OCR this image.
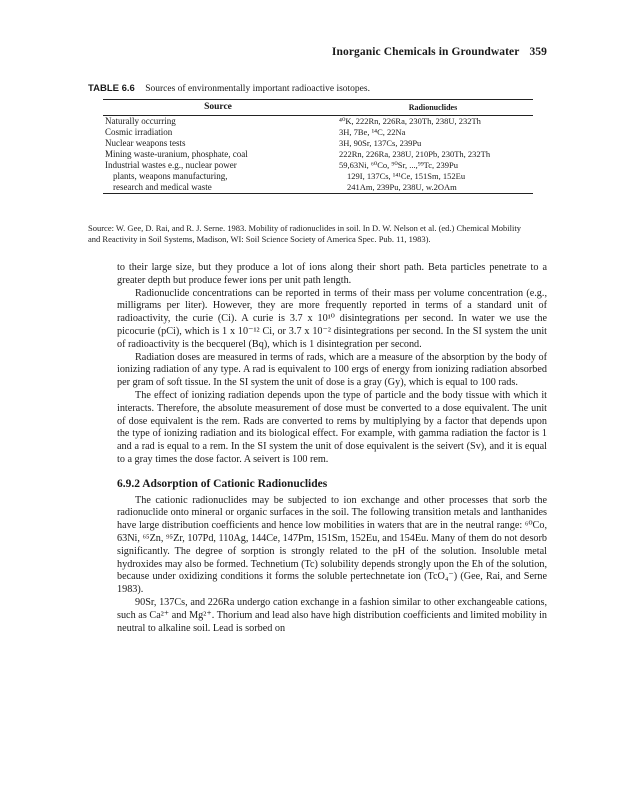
Inorganic Chemicals in Groundwater 359
TABLE 6.6 Sources of environmentally important radioactive isotopes.
Source	Radionuclides
Naturally occurring	⁴⁰K, 222Rn, 226Ra, 230Th, 238U, 232Th
Cosmic irradiation	3H, 7Be, ¹⁴C, 22Na
Nuclear weapons tests	3H, 90Sr, 137Cs, 239Pu
Mining waste-uranium, phosphate, coal	222Rn, 226Ra, 238U, 210Pb, 230Th, 232Th
Industrial wastes e.g., nuclear power	59,63Ni, ⁶⁰Co, ⁹⁰Sr, ...,⁹⁹Tc, 239Pu
plants, weapons manufacturing,	129I, 137Cs, ¹⁴¹Ce, 151Sm, 152Eu
research and medical waste	241Am, 239Pu, 238U, w.2OAm
Source: W. Gee, D. Rai, and R. J. Serne. 1983. Mobility of radionuclides in soil. In D. W. Nelson et al. (ed.) Chemical Mobility and Reactivity in Soil Systems, Madison, WI: Soil Science Society of America Spec. Pub. 11, 1983).

to their large size, but they produce a lot of ions along their short path. Beta particles penetrate to a greater depth but produce fewer ions per unit path length.

Radionuclide concentrations can be reported in terms of their mass per volume concentration (e.g., milligrams per liter). However, they are more frequently reported in terms of a standard unit of radioactivity, the curie (Ci). A curie is 3.7 x 10¹⁰ disintegrations per second. In water we use the picocurie (pCi), which is 1 x 10⁻¹² Ci, or 3.7 x 10⁻² disintegrations per second. In the SI system the unit of radioactivity is the becquerel (Bq), which is 1 disintegration per second.

Radiation doses are measured in terms of rads, which are a measure of the absorption by the body of ionizing radiation of any type. A rad is equivalent to 100 ergs of energy from ionizing radiation absorbed per gram of soft tissue. In the SI system the unit of dose is a gray (Gy), which is equal to 100 rads.

The effect of ionizing radiation depends upon the type of particle and the body tissue with which it interacts. Therefore, the absolute measurement of dose must be converted to a dose equivalent. The unit of dose equivalent is the rem. Rads are converted to rems by multiplying by a factor that depends upon the type of ionizing radiation and its biological effect. For example, with gamma radiation the factor is 1 and a rad is equal to a rem. In the SI system the unit of dose equivalent is the seivert (Sv), and it is equal to a gray times the dose factor. A seivert is 100 rem.

6.9.2 Adsorption of Cationic Radionuclides

The cationic radionuclides may be subjected to ion exchange and other processes that sorb the radionuclide onto mineral or organic surfaces in the soil. The following transition metals and lanthanides have large distribution coefficients and hence low mobilities in waters that are in the neutral range: ⁶⁰Co, 63Ni, ⁶⁵Zn, ⁹⁵Zr, 107Pd, 110Ag, 144Ce, 147Pm, 151Sm, 152Eu, and 154Eu. Many of them do not desorb significantly. The degree of sorption is strongly related to the pH of the solution. Insoluble metal hydroxides may also be formed. Technetium (Tc) solubility depends strongly upon the Eh of the solution, because under oxidizing conditions it forms the soluble pertechnetate ion (TcO₄⁻) (Gee, Rai, and Serne 1983).

90Sr, 137Cs, and 226Ra undergo cation exchange in a fashion similar to other exchangeable cations, such as Ca²⁺ and Mg²⁺. Thorium and lead also have high distribution coefficients and limited mobility in neutral to alkaline soil. Lead is sorbed on
